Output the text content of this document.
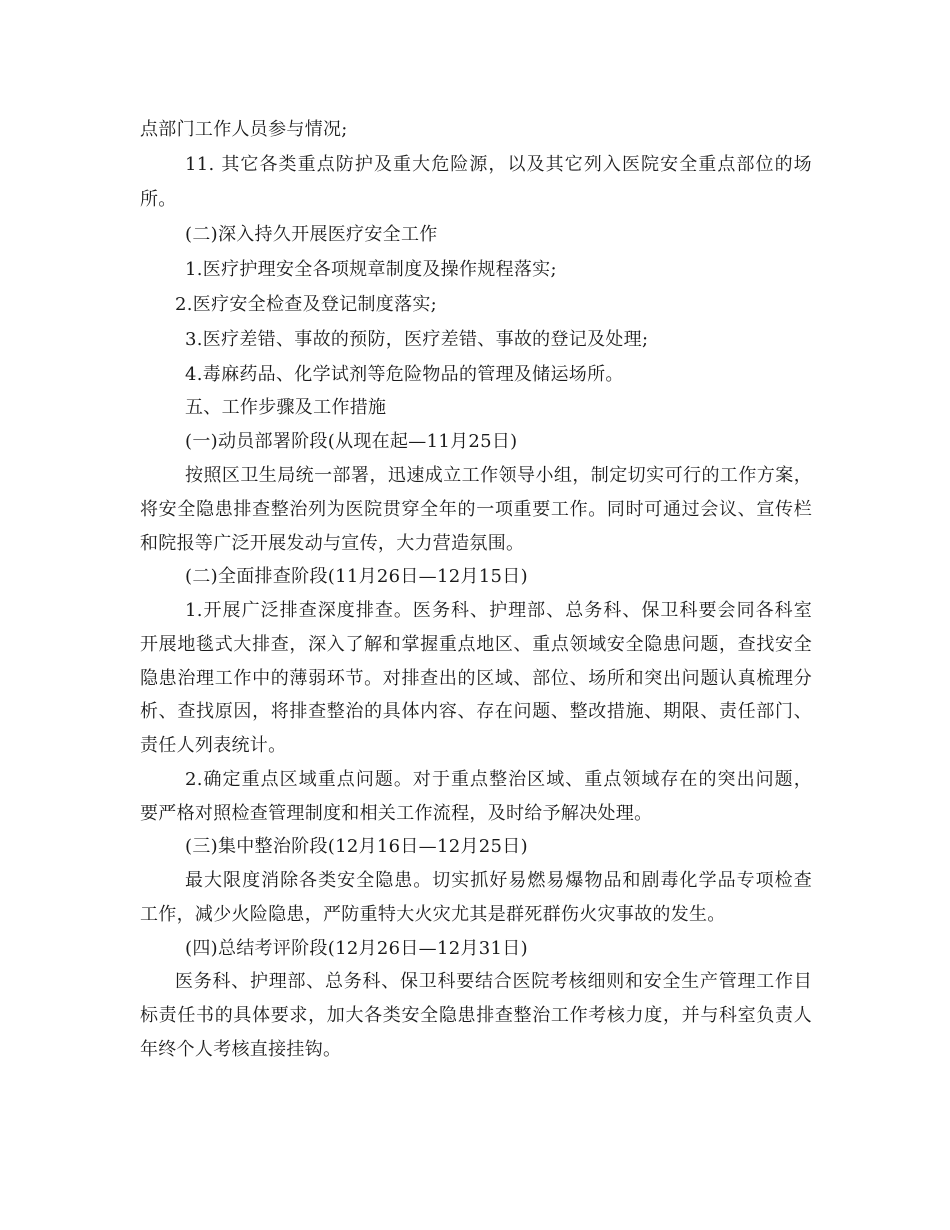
点部门工作人员参与情况;

11. 其它各类重点防护及重大危险源，以及其它列入医院安全重点部位的场

所。

(二)深入持久开展医疗安全工作

1.医疗护理安全各项规章制度及操作规程落实;

2.医疗安全检查及登记制度落实;

3.医疗差错、事故的预防，医疗差错、事故的登记及处理;

4.毒麻药品、化学试剂等危险物品的管理及储运场所。

五、工作步骤及工作措施

(一)动员部署阶段(从现在起—11月25日)

按照区卫生局统一部署，迅速成立工作领导小组，制定切实可行的工作方案，

将安全隐患排查整治列为医院贯穿全年的一项重要工作。同时可通过会议、宣传栏

和院报等广泛开展发动与宣传，大力营造氛围。

(二)全面排查阶段(11月26日—12月15日)

1.开展广泛排查深度排查。医务科、护理部、总务科、保卫科要会同各科室

开展地毯式大排查，深入了解和掌握重点地区、重点领域安全隐患问题，查找安全

隐患治理工作中的薄弱环节。对排查出的区域、部位、场所和突出问题认真梳理分

析、查找原因，将排查整治的具体内容、存在问题、整改措施、期限、责任部门、

责任人列表统计。

2.确定重点区域重点问题。对于重点整治区域、重点领域存在的突出问题，

要严格对照检查管理制度和相关工作流程，及时给予解决处理。

(三)集中整治阶段(12月16日—12月25日)

最大限度消除各类安全隐患。切实抓好易燃易爆物品和剧毒化学品专项检查

工作，减少火险隐患，严防重特大火灾尤其是群死群伤火灾事故的发生。

(四)总结考评阶段(12月26日—12月31日)

医务科、护理部、总务科、保卫科要结合医院考核细则和安全生产管理工作目

标责任书的具体要求，加大各类安全隐患排查整治工作考核力度，并与科室负责人

年终个人考核直接挂钩。
